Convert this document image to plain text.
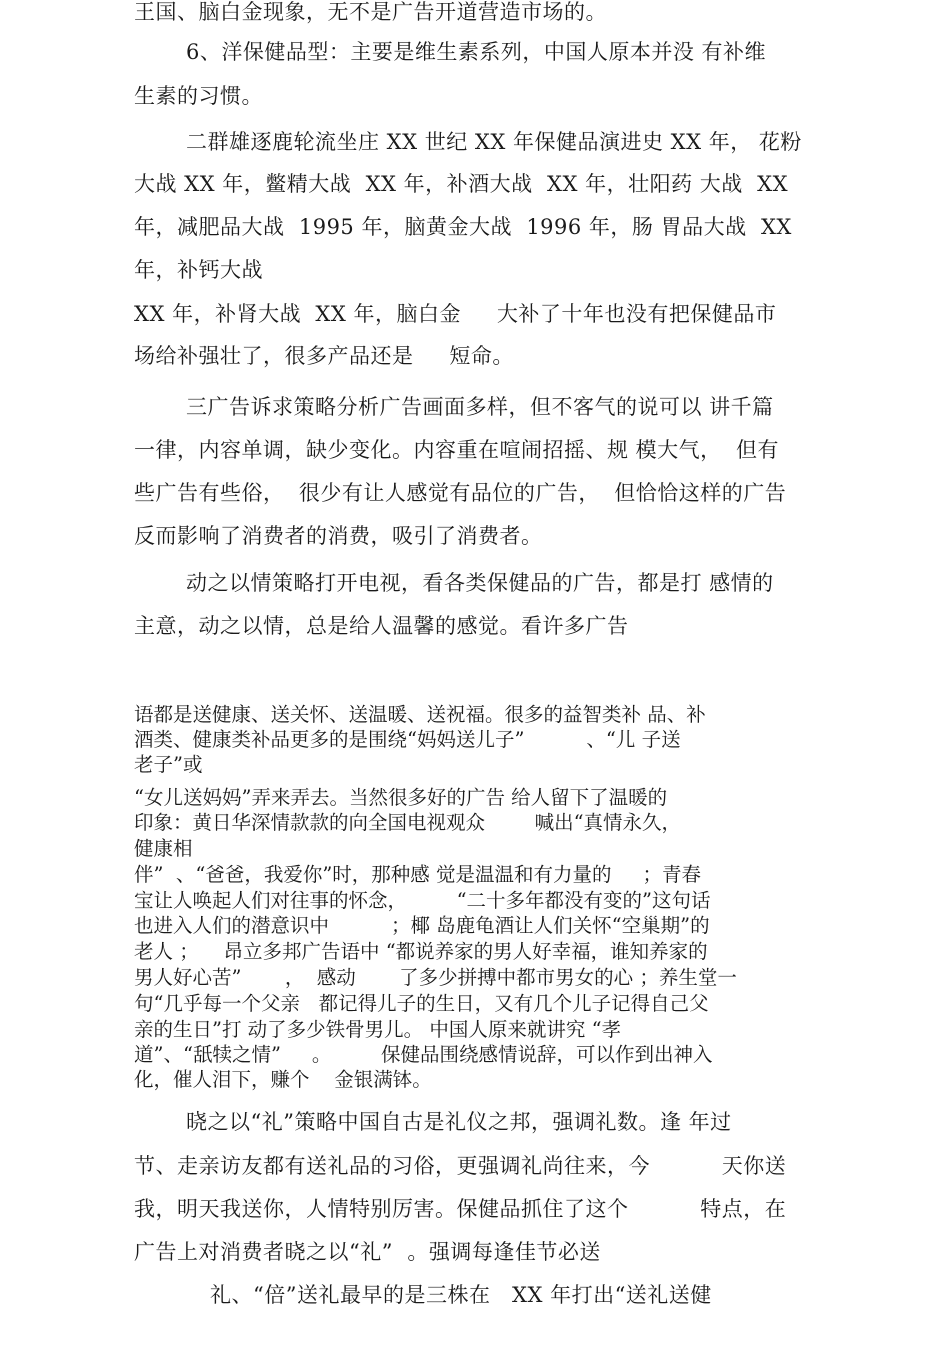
王国、脑白金现象，无不是广告开道营造市场的。
6、洋保健品型：主要是维生素系列，中国人原本并没 有补维
生素的习惯。
二群雄逐鹿轮流坐庄 XX 世纪 XX 年保健品演进史 XX 年， 花粉
大战 XX 年，鳖精大战  XX 年，补酒大战  XX 年，壮阳药 大战  XX
年，减肥品大战  1995 年，脑黄金大战  1996 年，肠 胃品大战  XX
年，补钙大战
XX 年，补肾大战  XX 年，脑白金     大补了十年也没有把保健品市
场给补强壮了，很多产品还是     短命。
三广告诉求策略分析广告画面多样，但不客气的说可以 讲千篇
一律，内容单调，缺少变化。内容重在喧闹招摇、规 模大气，  但有
些广告有些俗，  很少有让人感觉有品位的广告，  但恰恰这样的广告
反而影响了消费者的消费，吸引了消费者。
动之以情策略打开电视，看各类保健品的广告，都是打 感情的
主意，动之以情，总是给人温馨的感觉。看许多广告
语都是送健康、送关怀、送温暖、送祝福。很多的益智类补 品、补
酒类、健康类补品更多的是围绕“妈妈送儿子”          、“儿 子送
老子”或
“女儿送妈妈”弄来弄去。当然很多好的广告 给人留下了温暖的
印象：黄日华深情款款的向全国电视观众        喊出“真情永久，
健康相
伴”  、“爸爸，我爱你”时，那种感 觉是温温和有力量的     ；青春
宝让人唤起人们对往事的怀念，        “二十多年都没有变的”这句话
也进入人们的潜意识中          ；椰 岛鹿龟酒让人们关怀“空巢期”的
老人 ；    昂立多邦广告语中 “都说养家的男人好幸福，谁知养家的
男人好心苦”       ，  感动       了多少拼搏中都市男女的心 ；养生堂一
句“几乎每一个父亲   都记得儿子的生日，又有几个儿子记得自己父
亲的生日”打 动了多少铁骨男儿。 中国人原来就讲究 “孝
道”、“舐犊之情”     。        保健品围绕感情说辞，可以作到出神入
化，催人泪下，赚个    金银满钵。
晓之以“礼”策略中国自古是礼仪之邦，强调礼数。逢 年过
节、走亲访友都有送礼品的习俗，更强调礼尚往来，今          天你送
我，明天我送你，人情特别厉害。保健品抓住了这个          特点，在
广告上对消费者晓之以“礼”  。强调每逢佳节必送
礼、“倍”送礼最早的是三株在   XX 年打出“送礼送健
